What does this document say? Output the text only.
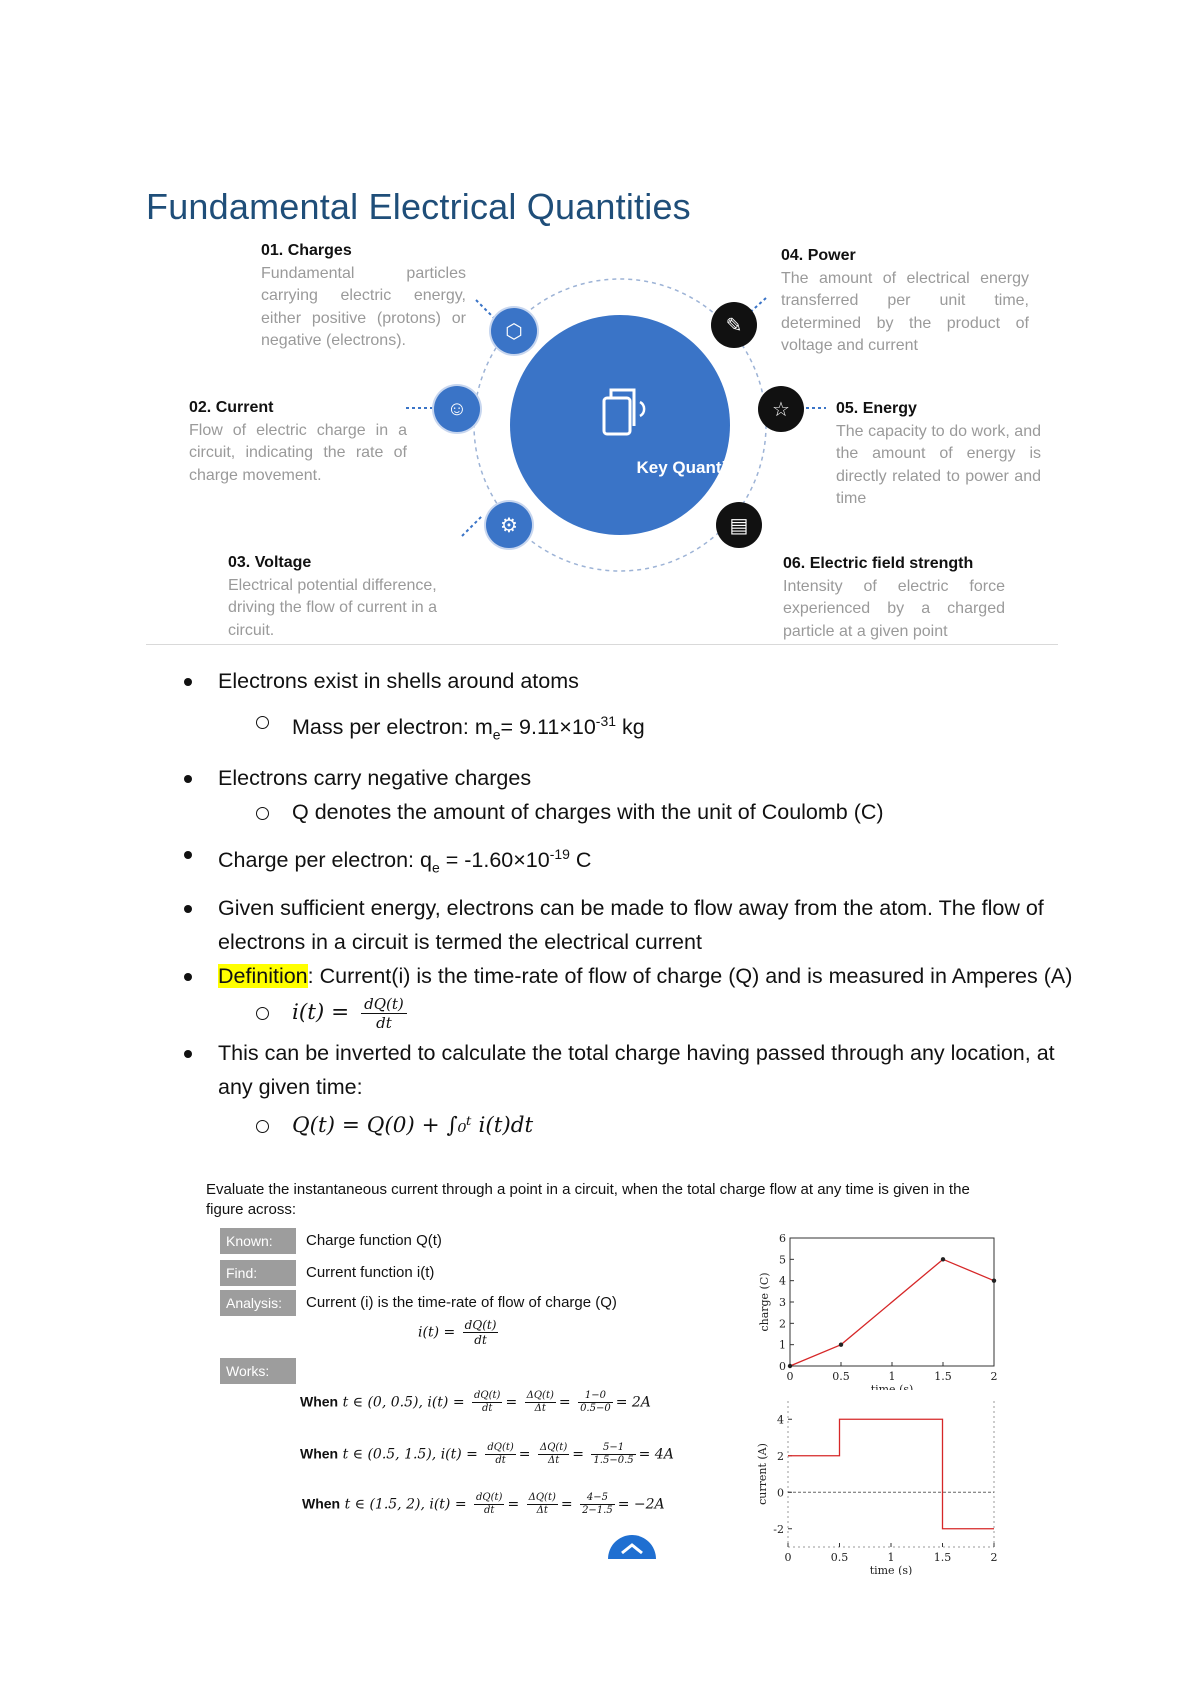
Fundamental Electrical Quantities
Key Quantities
⬡
☺
⚙
✎
☆
▤
01. Charges
Fundamental particles carrying electric energy, either positive (protons) or negative (electrons).
02. Current
Flow of electric charge in a circuit, indicating the rate of charge movement.
03. Voltage
Electrical potential difference, driving the flow of current in a circuit.
04. Power
The amount of electrical energy transferred per unit time, determined by the product of voltage and current
05. Energy
The capacity to do work, and the amount of energy is directly related to power and time
06. Electric field strength
Intensity of electric force experienced by a charged particle at a given point
Electrons exist in shells around atoms
Mass per electron: $m_e= 9.11\times 10^{-31}$ kg
Electrons carry negative charges
Q denotes the amount of charges with the unit of Coulomb (C)
Charge per electron: $q_e = -1.60\times 10^{-19}$ C
Given sufficient energy, electrons can be made to flow away from the atom. The flow of electrons in a circuit is termed the electrical current
Definition: Current(i) is the time-rate of flow of charge (Q) and is measured in Amperes (A)
$i(t) = \frac{dQ(t)}{dt}$
This can be inverted to calculate the total charge having passed through any location, at any given time:
Q(t) = Q(0) + ∫₀ᵗ i(t)dt
Evaluate the instantaneous current through a point in a circuit, when the total charge flow at any time is given in the figure across:
Known:	Charge function Q(t)
Find:	Current function i(t)
Analysis:	Current (i) is the time-rate of flow of charge (Q)
$i(t) = \frac{dQ(t)}{dt}$
Works:
When t ∈ (0, 0.5), $i(t) = \frac{dQ(t)}{dt} = \frac{\Delta Q(t)}{\Delta t} = \frac{1-0}{0.5-0} = 2A$
When t ∈ (0.5, 1.5), $i(t) = \frac{dQ(t)}{dt} = \frac{\Delta Q(t)}{\Delta t} = \frac{5-1}{1.5-0.5} = 4A$
When t ∈ (1.5, 2), $i(t) = \frac{dQ(t)}{dt} = \frac{\Delta Q(t)}{\Delta t} = \frac{4-5}{2-1.5} = -2A$
0	0.5	1	1.5	2
0
1
2
3
4
5
6
time (s)
charge (C)

0	0.5	1	1.5	2
-2
0
2
4
time (s)
current (A)
